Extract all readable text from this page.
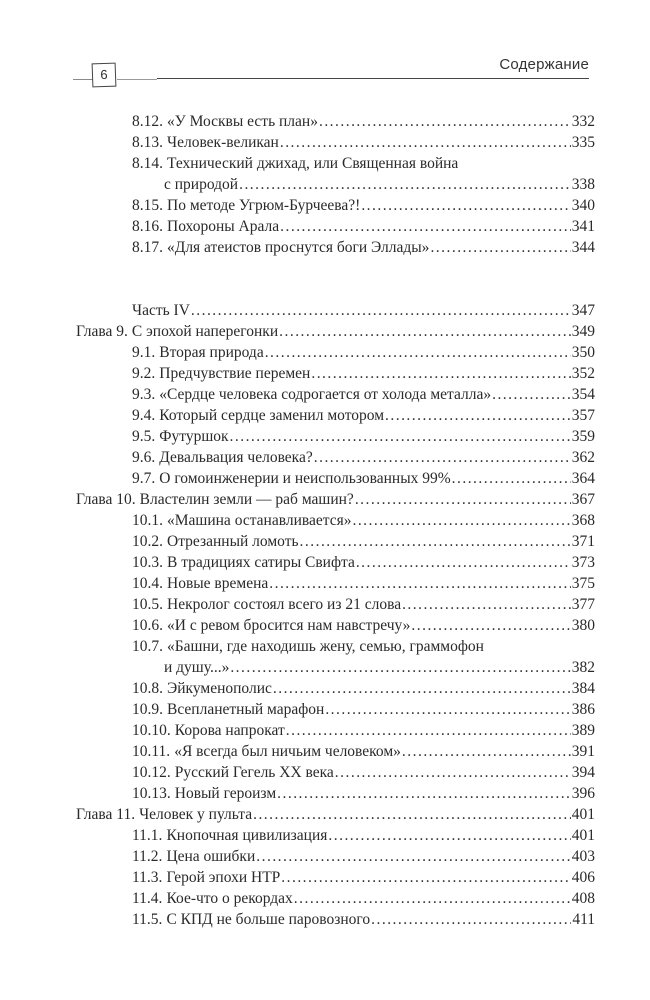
6
Содержание
8.12. «У Москвы есть план» . . .	332
8.13. Человек-великан . . .	335
8.14. Технический джихад, или Священная война
с природой . . .	338
8.15. По методе Угрюм-Бурчеева?! . . .	340
8.16. Похороны Арала . . .	341
8.17. «Для атеистов проснутся боги Эллады» . . .	344
Часть IV . . .	347
Глава 9. С эпохой наперегонки . . .	349
9.1. Вторая природа . . .	350
9.2. Предчувствие перемен . . .	352
9.3. «Сердце человека содрогается от холода металла» . . .	354
9.4. Который сердце заменил мотором . . .	357
9.5. Футуршок . . .	359
9.6. Девальвация человека? . . .	362
9.7. О гомоинженерии и неиспользованных 99% . . .	364
Глава 10. Властелин земли — раб машин? . . .	367
10.1. «Машина останавливается» . . .	368
10.2. Отрезанный ломоть . . .	371
10.3. В традициях сатиры Свифта . . .	373
10.4. Новые времена . . .	375
10.5. Некролог состоял всего из 21 слова . . .	377
10.6. «И с ревом бросится нам навстречу» . . .	380
10.7. «Башни, где находишь жену, семью, граммофон
и душу...» . . .	382
10.8. Эйкуменополис . . .	384
10.9. Всепланетный марафон . . .	386
10.10. Корова напрокат . . .	389
10.11. «Я всегда был ничьим человеком» . . .	391
10.12. Русский Гегель XX века . . .	394
10.13. Новый героизм . . .	396
Глава 11. Человек у пульта . . .	401
11.1. Кнопочная цивилизация . . .	401
11.2. Цена ошибки . . .	403
11.3. Герой эпохи НТР . . .	406
11.4. Кое-что о рекордах . . .	408
11.5. С КПД не больше паровозного . . .	411
